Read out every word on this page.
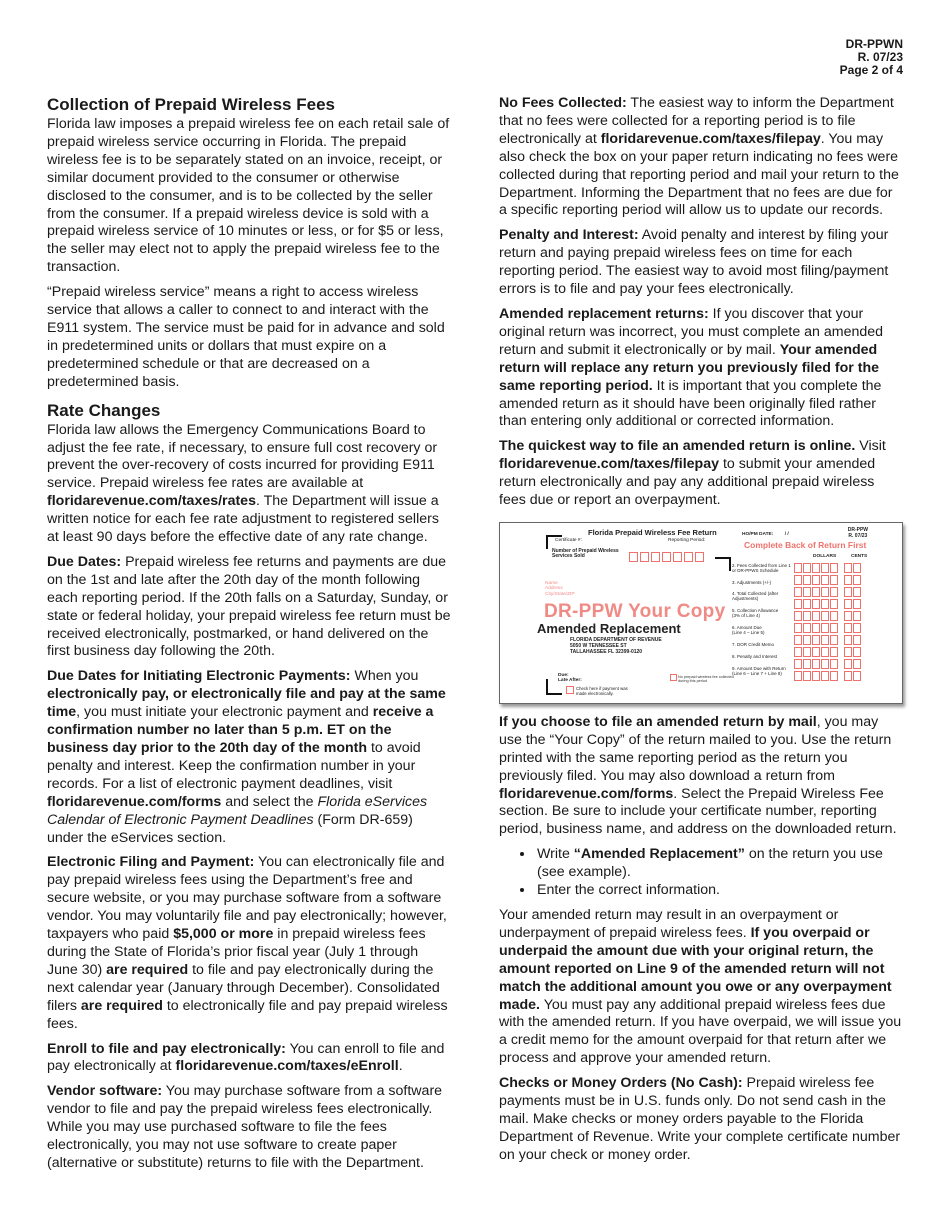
DR-PPWN
R. 07/23
Page 2 of 4
Collection of Prepaid Wireless Fees

Florida law imposes a prepaid wireless fee on each retail sale of prepaid wireless service occurring in Florida. The prepaid wireless fee is to be separately stated on an invoice, receipt, or similar document provided to the consumer or otherwise disclosed to the consumer, and is to be collected by the seller from the consumer. If a prepaid wireless device is sold with a prepaid wireless service of 10 minutes or less, or for $5 or less, the seller may elect not to apply the prepaid wireless fee to the transaction.

“Prepaid wireless service” means a right to access wireless service that allows a caller to connect to and interact with the E911 system. The service must be paid for in advance and sold in predetermined units or dollars that must expire on a predetermined schedule or that are decreased on a predetermined basis.

Rate Changes

Florida law allows the Emergency Communications Board to adjust the fee rate, if necessary, to ensure full cost recovery or prevent the over-recovery of costs incurred for providing E911 service. Prepaid wireless fee rates are available at floridarevenue.com/taxes/rates. The Department will issue a written notice for each fee rate adjustment to registered sellers at least 90 days before the effective date of any rate change.

Due Dates: Prepaid wireless fee returns and payments are due on the 1st and late after the 20th day of the month following each reporting period. If the 20th falls on a Saturday, Sunday, or state or federal holiday, your prepaid wireless fee return must be received electronically, postmarked, or hand delivered on the first business day following the 20th.

Due Dates for Initiating Electronic Payments: When you electronically pay, or electronically file and pay at the same time, you must initiate your electronic payment and receive a confirmation number no later than 5 p.m. ET on the business day prior to the 20th day of the month to avoid penalty and interest. Keep the confirmation number in your records. For a list of electronic payment deadlines, visit floridarevenue.com/forms and select the Florida eServices Calendar of Electronic Payment Deadlines (Form DR-659) under the eServices section.

Electronic Filing and Payment: You can electronically file and pay prepaid wireless fees using the Department’s free and secure website, or you may purchase software from a software vendor. You may voluntarily file and pay electronically; however, taxpayers who paid $5,000 or more in prepaid wireless fees during the State of Florida’s prior fiscal year (July 1 through June 30) are required to file and pay electronically during the next calendar year (January through December). Consolidated filers are required to electronically file and pay prepaid wireless fees.

Enroll to file and pay electronically: You can enroll to file and pay electronically at floridarevenue.com/taxes/eEnroll.

Vendor software: You may purchase software from a software vendor to file and pay the prepaid wireless fees electronically. While you may use purchased software to file the fees electronically, you may not use software to create paper (alternative or substitute) returns to file with the Department.

No Fees Collected: The easiest way to inform the Department that no fees were collected for a reporting period is to file electronically at floridarevenue.com/taxes/filepay. You may also check the box on your paper return indicating no fees were collected during that reporting period and mail your return to the Department. Informing the Department that no fees are due for a specific reporting period will allow us to update our records.

Penalty and Interest: Avoid penalty and interest by filing your return and paying prepaid wireless fees on time for each reporting period. The easiest way to avoid most filing/payment errors is to file and pay your fees electronically.

Amended replacement returns: If you discover that your original return was incorrect, you must complete an amended return and submit it electronically or by mail. Your amended return will replace any return you previously filed for the same reporting period. It is important that you complete the amended return as it should have been originally filed rather than entering only additional or corrected information.

The quickest way to file an amended return is online. Visit floridarevenue.com/taxes/filepay to submit your amended return electronically and pay any additional prepaid wireless fees due or report an overpayment.

Florida Prepaid Wireless Fee Return
Certificate #:	Reporting Period:
Number of Prepaid Wireless
Services Sold
HO/PM DATE: / /
DR-PPW
R. 07/23
Complete Back of Return First
DOLLARS	CENTS
Name
Address
City/State/ZIP
DR-PPW Your Copy
Amended Replacement
FLORIDA DEPARTMENT OF REVENUE
5050 W TENNESSEE ST
TALLAHASSEE FL 32399-0120
Due:
Late After:
Check here if payment was
made electronically.
No prepaid wireless fee collected
during this period
2. Fees Collected from Line 1
or DR-PPWS Schedule
3. Adjustments (+/-)
4. Total Collected (after
Adjustments)
5. Collection Allowance
(3% of Line 4)
6. Amount Due
(Line 4 – Line 5)
7. DOR Credit Memo
8. Penalty and Interest
9. Amount Due with Return
(Line 6 – Line 7 + Line 8)

If you choose to file an amended return by mail, you may use the “Your Copy” of the return mailed to you. Use the return printed with the same reporting period as the return you previously filed. You may also download a return from floridarevenue.com/forms. Select the Prepaid Wireless Fee section. Be sure to include your certificate number, reporting period, business name, and address on the downloaded return.

• Write “Amended Replacement” on the return you use (see example).
• Enter the correct information.

Your amended return may result in an overpayment or underpayment of prepaid wireless fees. If you overpaid or underpaid the amount due with your original return, the amount reported on Line 9 of the amended return will not match the additional amount you owe or any overpayment made. You must pay any additional prepaid wireless fees due with the amended return. If you have overpaid, we will issue you a credit memo for the amount overpaid for that return after we process and approve your amended return.

Checks or Money Orders (No Cash): Prepaid wireless fee payments must be in U.S. funds only. Do not send cash in the mail. Make checks or money orders payable to the Florida Department of Revenue. Write your complete certificate number on your check or money order.
